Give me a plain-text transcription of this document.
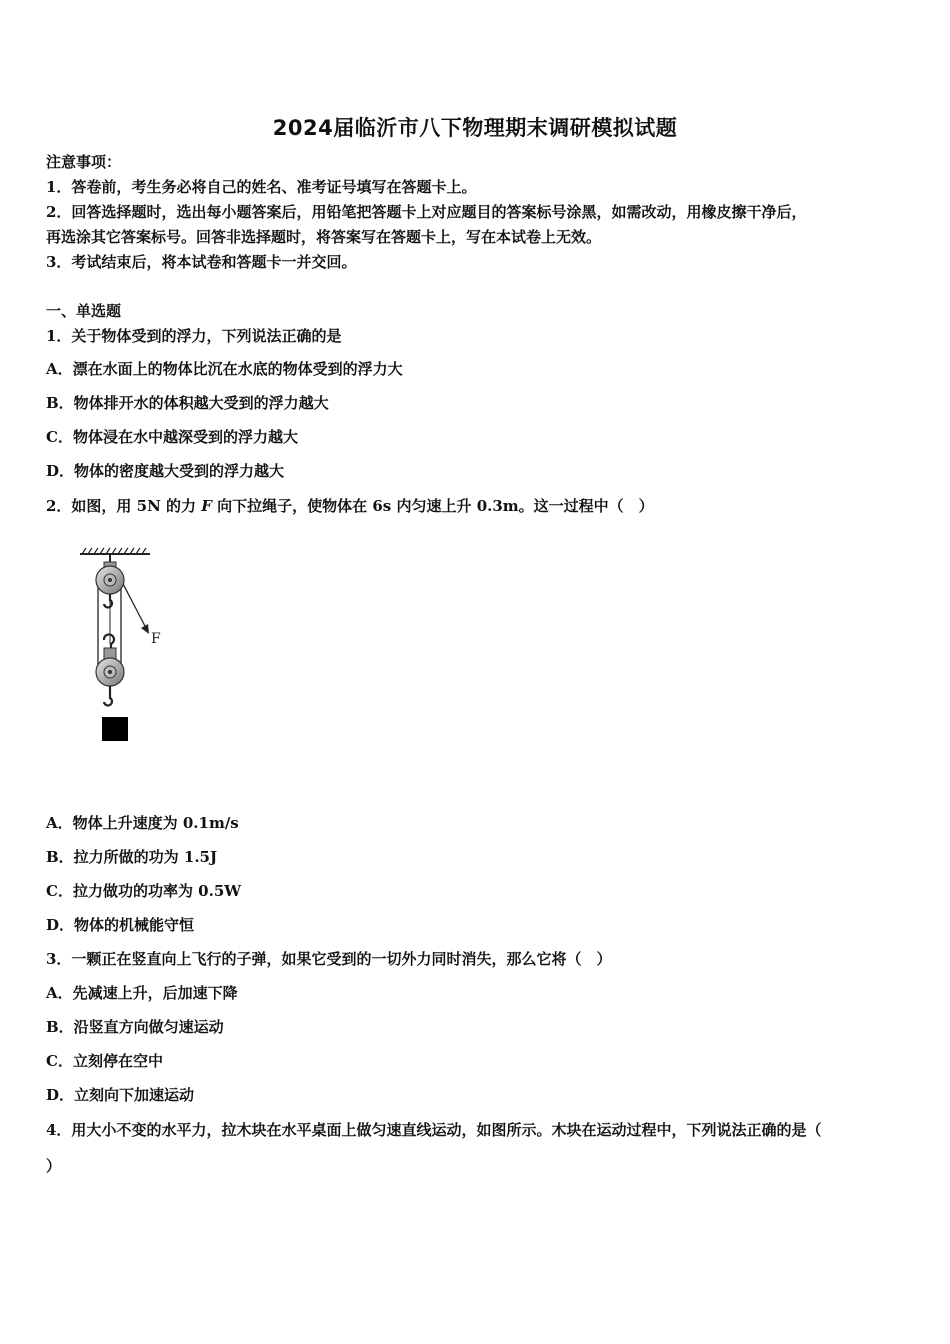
2024届临沂市八下物理期末调研模拟试题
注意事项：
1．答卷前，考生务必将自己的姓名、准考证号填写在答题卡上。
2．回答选择题时，选出每小题答案后，用铅笔把答题卡上对应题目的答案标号涂黑，如需改动，用橡皮擦干净后，
再选涂其它答案标号。回答非选择题时，将答案写在答题卡上，写在本试卷上无效。
3．考试结束后，将本试卷和答题卡一并交回。
一、单选题
1．关于物体受到的浮力，下列说法正确的是
A．漂在水面上的物体比沉在水底的物体受到的浮力大
B．物体排开水的体积越大受到的浮力越大
C．物体浸在水中越深受到的浮力越大
D．物体的密度越大受到的浮力越大
2．如图，用 5N 的力 F 向下拉绳子，使物体在 6s 内匀速上升 0.3m。这一过程中（　）
F
A．物体上升速度为 0.1m/s
B．拉力所做的功为 1.5J
C．拉力做功的功率为 0.5W
D．物体的机械能守恒
3．一颗正在竖直向上飞行的子弹，如果它受到的一切外力同时消失，那么它将（　）
A．先减速上升，后加速下降
B．沿竖直方向做匀速运动
C．立刻停在空中
D．立刻向下加速运动
4．用大小不变的水平力，拉木块在水平桌面上做匀速直线运动，如图所示。木块在运动过程中，下列说法正确的是（
）
